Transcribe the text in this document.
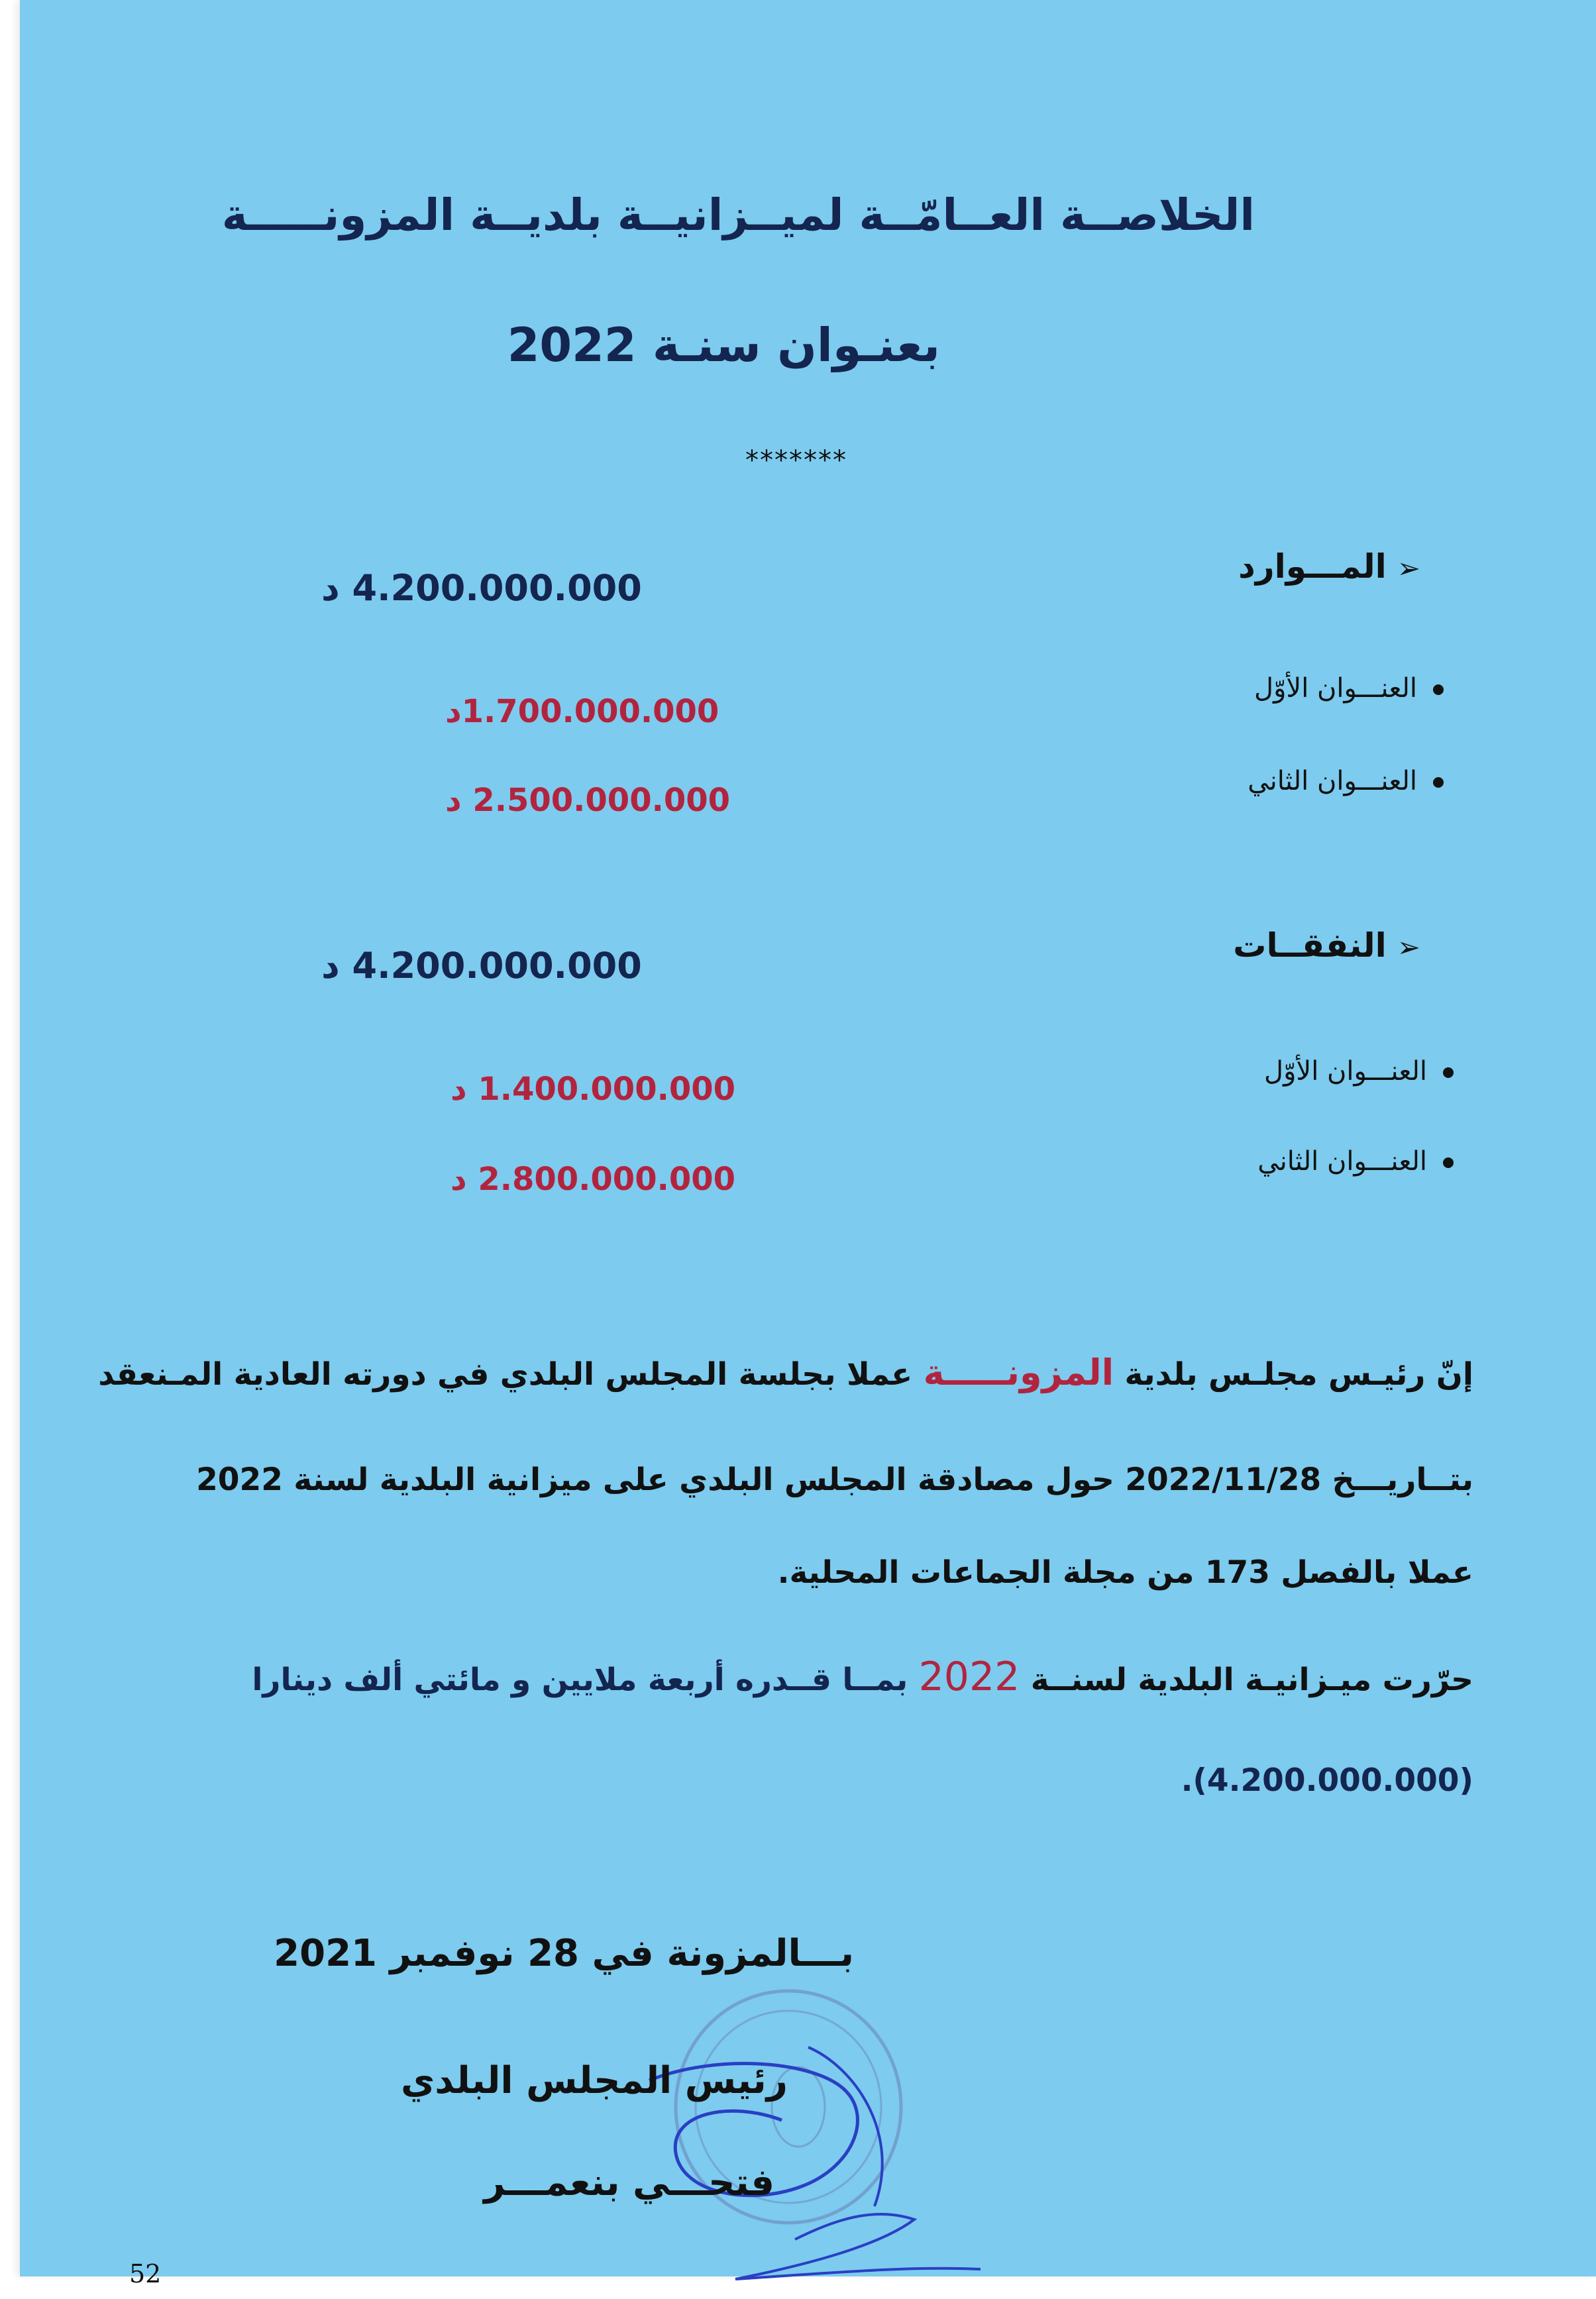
الخلاصــة العــامّــة لميــزانيــة بلديــة المزونـــــة
بعنـوان سنـة 2022
*******
➢المـــوارد
4.200.000.000 د
العنـــوان الأوّل
1.700.000.000د
العنـــوان الثاني
2.500.000.000 د
➢النفقــات
4.200.000.000 د
العنـــوان الأوّل
1.400.000.000 د
العنـــوان الثاني
2.800.000.000 د
إنّ رئيـس مجلـس بلدية المزونـــــة عملا بجلسة المجلس البلدي في دورته العادية المـنعقد
بتــاريـــخ 2022/11/28 حول مصادقة المجلس البلدي على ميزانية البلدية لسنة 2022
عملا بالفصل 173 من مجلة الجماعات المحلية.
حرّرت ميـزانيـة البلدية لسنــة 2022 بمــا قــدره أربعة ملايين و مائتي ألف دينارا
(4.200.000.000).
بـــالمزونة في 28 نوفمبر 2021
رئيس المجلس البلدي
فتحـــي بنعمـــر
52
